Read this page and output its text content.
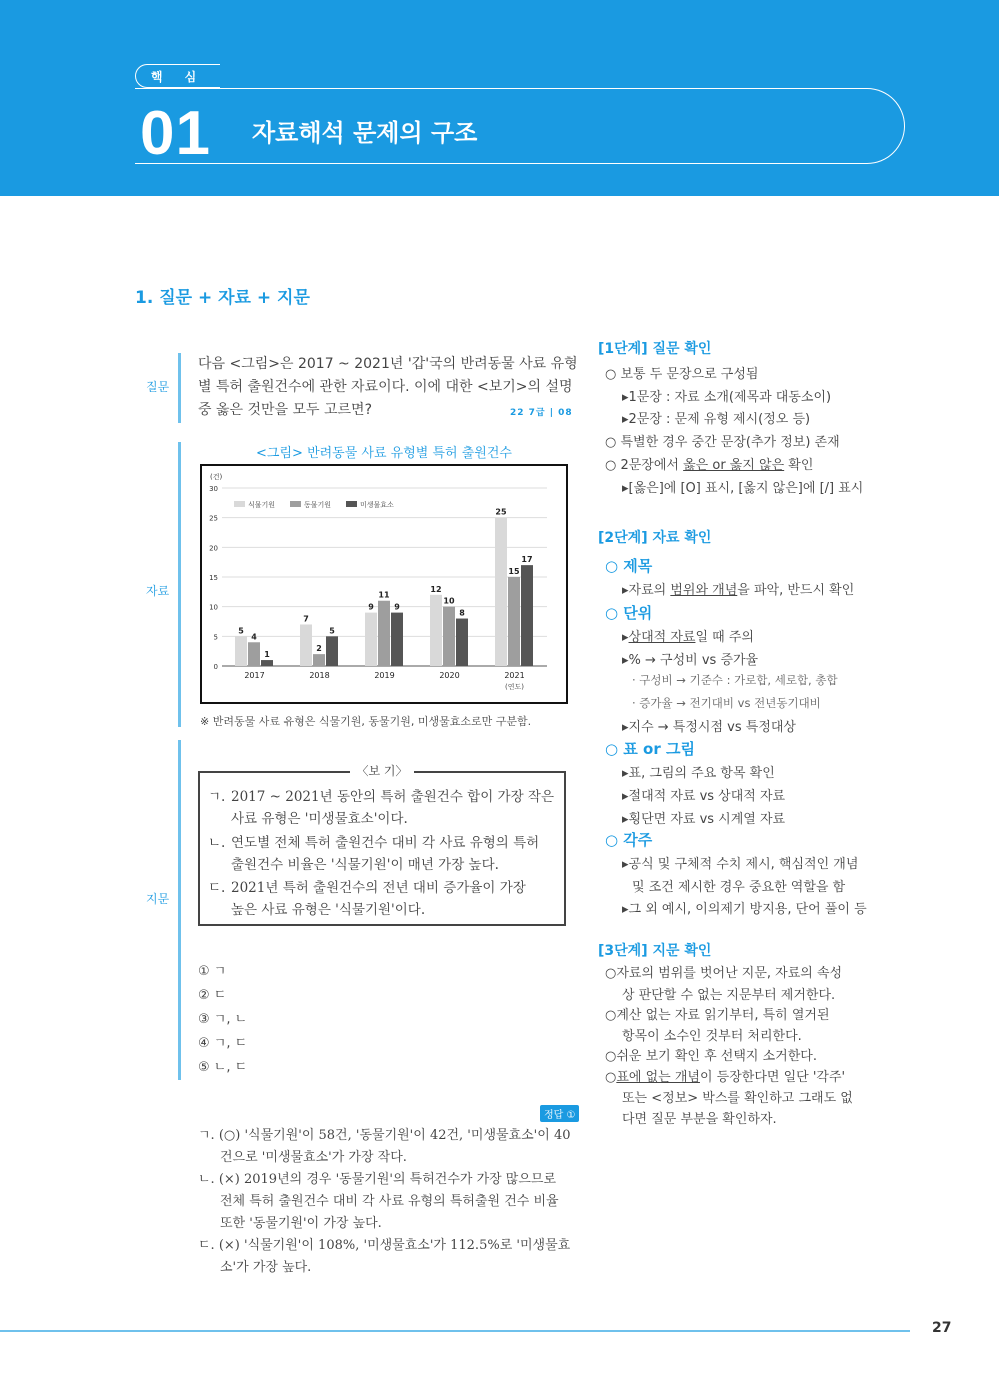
핵 심
01 자료해석 문제의 구조
1. 질문 + 자료 + 지문
질문
자료
지문
다음 <그림>은 2017 ~ 2021년 '갑'국의 반려동물 사료 유형별 특허 출원건수에 관한 자료이다. 이에 대한 <보기>의 설명 중 옳은 것만을 모두 고르면?	22 7급 | 08
<그림> 반려동물 사료 유형별 특허 출원건수
(건)
0
5
10
15
20
25
30
식물기원	동물기원	미생물효소
5
4
1
2017
7
2
5
2018
9
11
9
2019
12
10
8
2020
25
15
17
2021
(연도)
※ 반려동물 사료 유형은 식물기원, 동물기원, 미생물효소로만 구분함.
〈보 기〉
ㄱ. 2017 ~ 2021년 동안의 특허 출원건수 합이 가장 작은
사료 유형은 '미생물효소'이다.
ㄴ. 연도별 전체 특허 출원건수 대비 각 사료 유형의 특허
출원건수 비율은 '식물기원'이 매년 가장 높다.
ㄷ. 2021년 특허 출원건수의 전년 대비 증가율이 가장
높은 사료 유형은 '식물기원'이다.
① ㄱ
② ㄷ
③ ㄱ, ㄴ
④ ㄱ, ㄷ
⑤ ㄴ, ㄷ
정답 ①
ㄱ. (○) '식물기원'이 58건, '동물기원'이 42건, '미생물효소'이 40
건으로 '미생물효소'가 가장 작다.
ㄴ. (×) 2019년의 경우 '동물기원'의 특허건수가 가장 많으므로
전체 특허 출원건수 대비 각 사료 유형의 특허출원 건수 비율
또한 '동물기원'이 가장 높다.
ㄷ. (×) '식물기원'이 108%, '미생물효소'가 112.5%로 '미생물효
소'가 가장 높다.
[1단계] 질문 확인
○ 보통 두 문장으로 구성됨
▸1문장 : 자료 소개(제목과 대동소이)
▸2문장 : 문제 유형 제시(정오 등)
○ 특별한 경우 중간 문장(추가 정보) 존재
○ 2문장에서 옳은 or 옳지 않은 확인
▸[옳은]에 [O] 표시, [옳지 않은]에 [/] 표시
[2단계] 자료 확인
○ 제목
▸자료의 범위와 개념을 파악, 반드시 확인
○ 단위
▸상대적 자료일 때 주의
▸% → 구성비 vs 증가율
· 구성비 → 기준수 : 가로합, 세로합, 총합
· 증가율 → 전기대비 vs 전년동기대비
▸지수 → 특정시점 vs 특정대상
○ 표 or 그림
▸표, 그림의 주요 항목 확인
▸절대적 자료 vs 상대적 자료
▸횡단면 자료 vs 시계열 자료
○ 각주
▸공식 및 구체적 수치 제시, 핵심적인 개념
및 조건 제시한 경우 중요한 역할을 함
▸그 외 예시, 이의제기 방지용, 단어 풀이 등
[3단계] 지문 확인
○자료의 범위를 벗어난 지문, 자료의 속성
상 판단할 수 없는 지문부터 제거한다.
○계산 없는 자료 읽기부터, 특히 열거된
항목이 소수인 것부터 처리한다.
○쉬운 보기 확인 후 선택지 소거한다.
○표에 없는 개념이 등장한다면 일단 '각주'
또는 <정보> 박스를 확인하고 그래도 없
다면 질문 부분을 확인하자.
27
